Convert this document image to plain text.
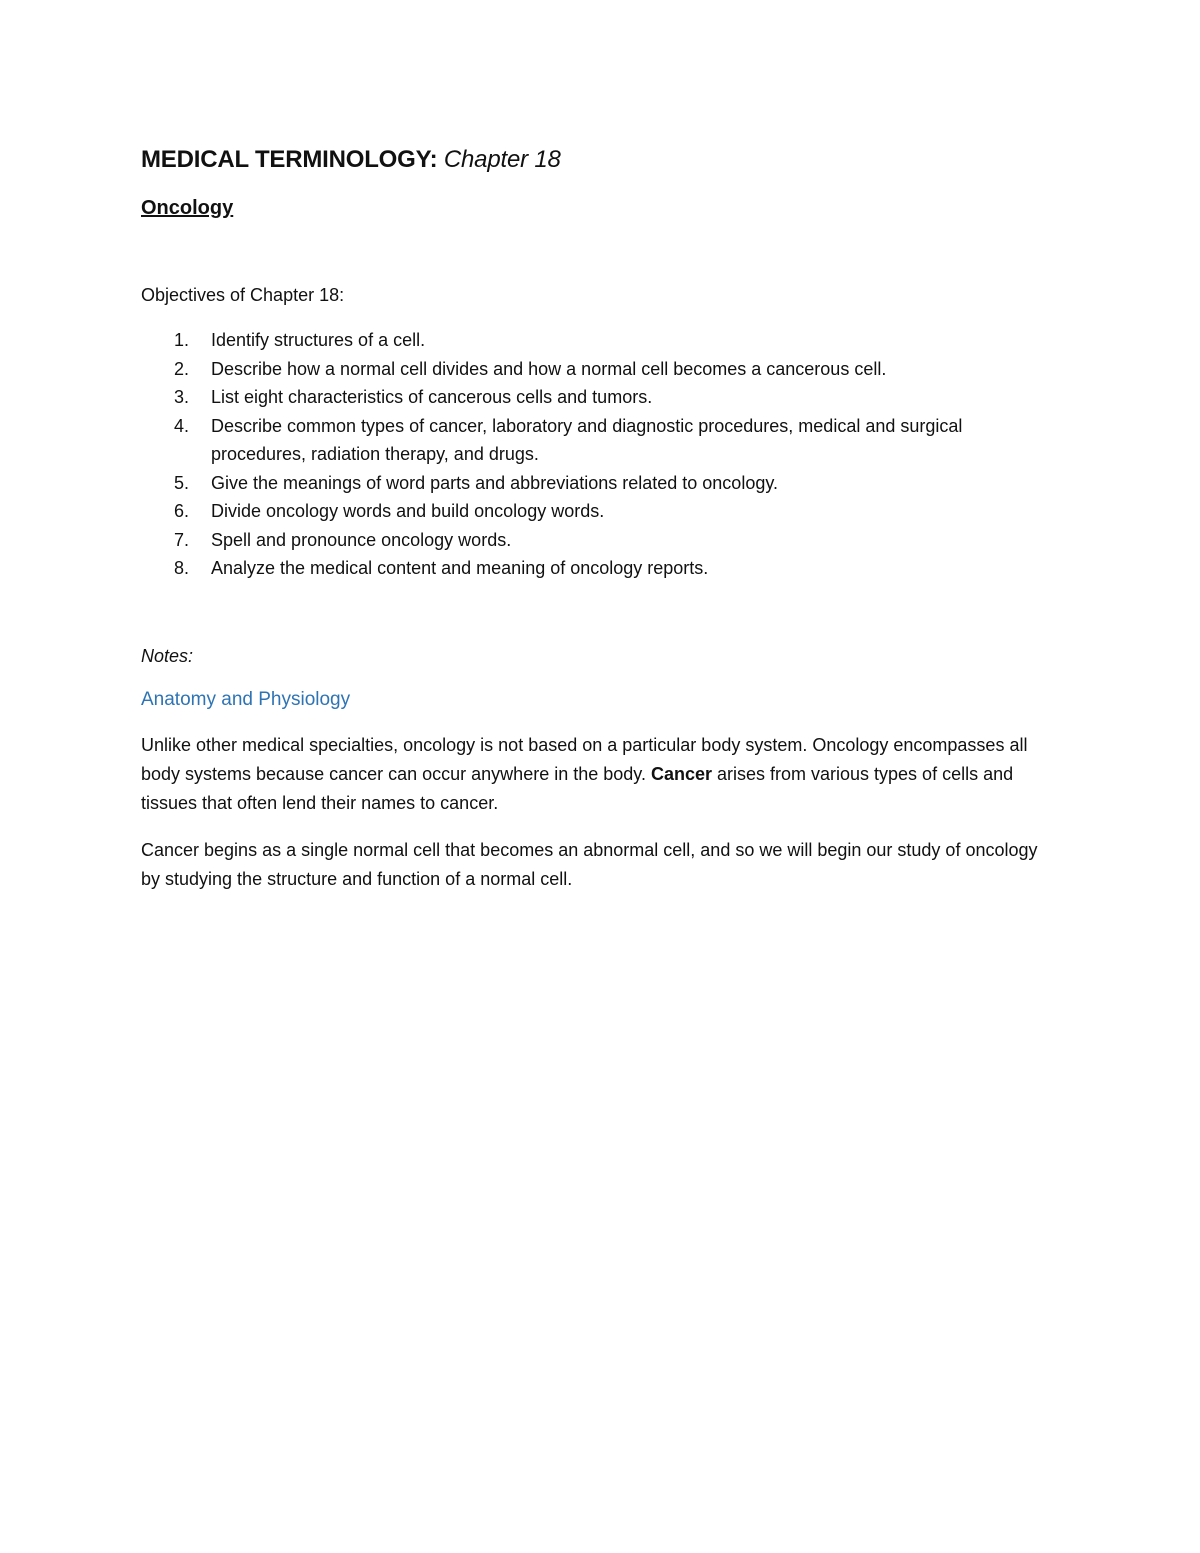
MEDICAL TERMINOLOGY: Chapter 18
Oncology
Objectives of Chapter 18:
1. Identify structures of a cell.
2. Describe how a normal cell divides and how a normal cell becomes a cancerous cell.
3. List eight characteristics of cancerous cells and tumors.
4. Describe common types of cancer, laboratory and diagnostic procedures, medical and surgical procedures, radiation therapy, and drugs.
5. Give the meanings of word parts and abbreviations related to oncology.
6. Divide oncology words and build oncology words.
7. Spell and pronounce oncology words.
8. Analyze the medical content and meaning of oncology reports.
Notes:
Anatomy and Physiology

Unlike other medical specialties, oncology is not based on a particular body system. Oncology encompasses all body systems because cancer can occur anywhere in the body. Cancer arises from various types of cells and tissues that often lend their names to cancer.

Cancer begins as a single normal cell that becomes an abnormal cell, and so we will begin our study of oncology by studying the structure and function of a normal cell.
